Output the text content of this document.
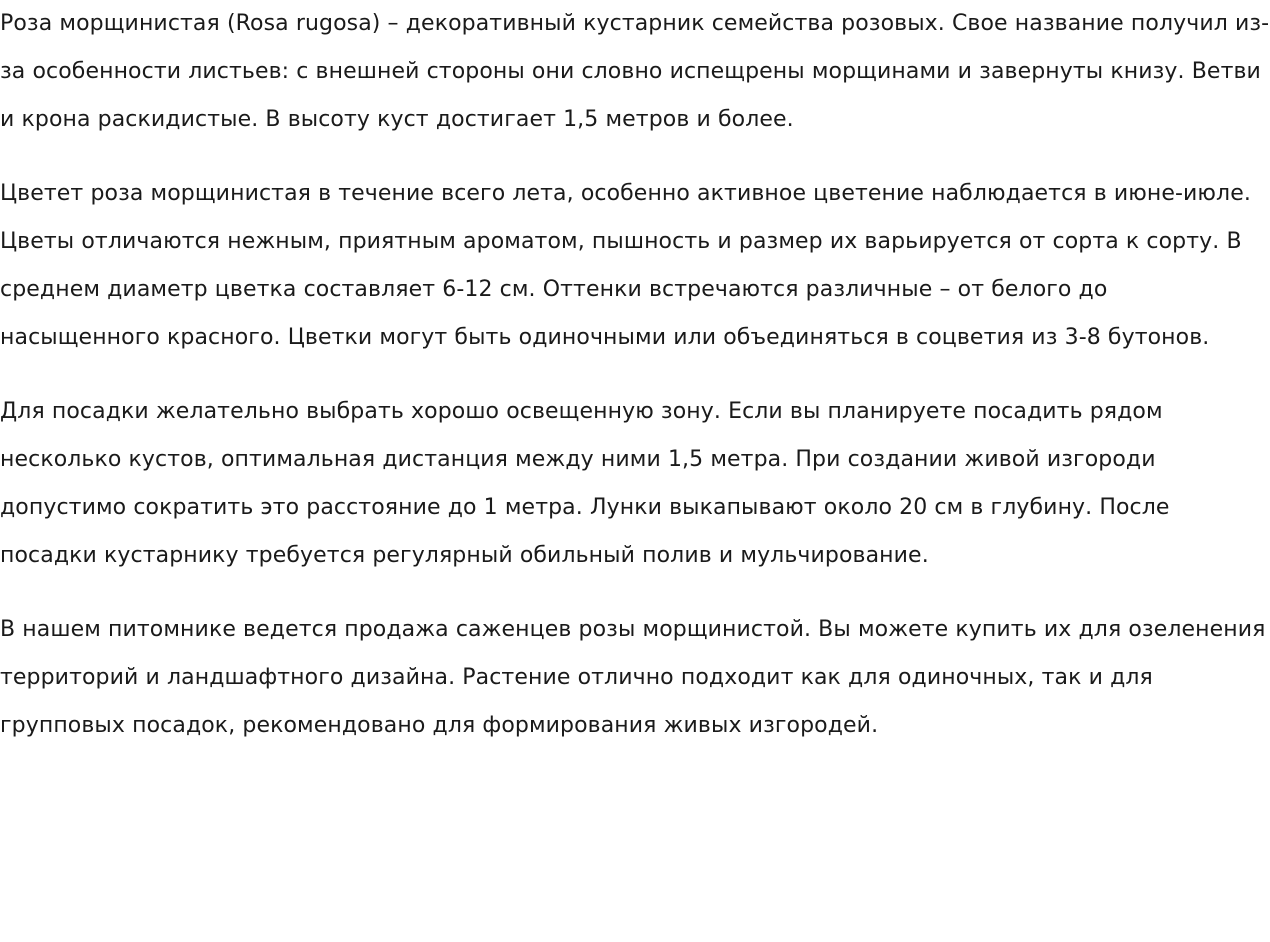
Роза морщинистая (Rosa rugosa) – декоративный кустарник семейства розовых. Свое название получил из-за особенности листьев: с внешней стороны они словно испещрены морщинами и завернуты книзу. Ветви и крона раскидистые. В высоту куст достигает 1,5 метров и более.

Цветет роза морщинистая в течение всего лета, особенно активное цветение наблюдается в июне-июле. Цветы отличаются нежным, приятным ароматом, пышность и размер их варьируется от сорта к сорту. В среднем диаметр цветка составляет 6-12 см. Оттенки встречаются различные – от белого до насыщенного красного. Цветки могут быть одиночными или объединяться в соцветия из 3-8 бутонов.

Для посадки желательно выбрать хорошо освещенную зону. Если вы планируете посадить рядом несколько кустов, оптимальная дистанция между ними 1,5 метра. При создании живой изгороди допустимо сократить это расстояние до 1 метра. Лунки выкапывают около 20 см в глубину. После посадки кустарнику требуется регулярный обильный полив и мульчирование.

В нашем питомнике ведется продажа саженцев розы морщинистой. Вы можете купить их для озеленения территорий и ландшафтного дизайна. Растение отлично подходит как для одиночных, так и для групповых посадок, рекомендовано для формирования живых изгородей.
